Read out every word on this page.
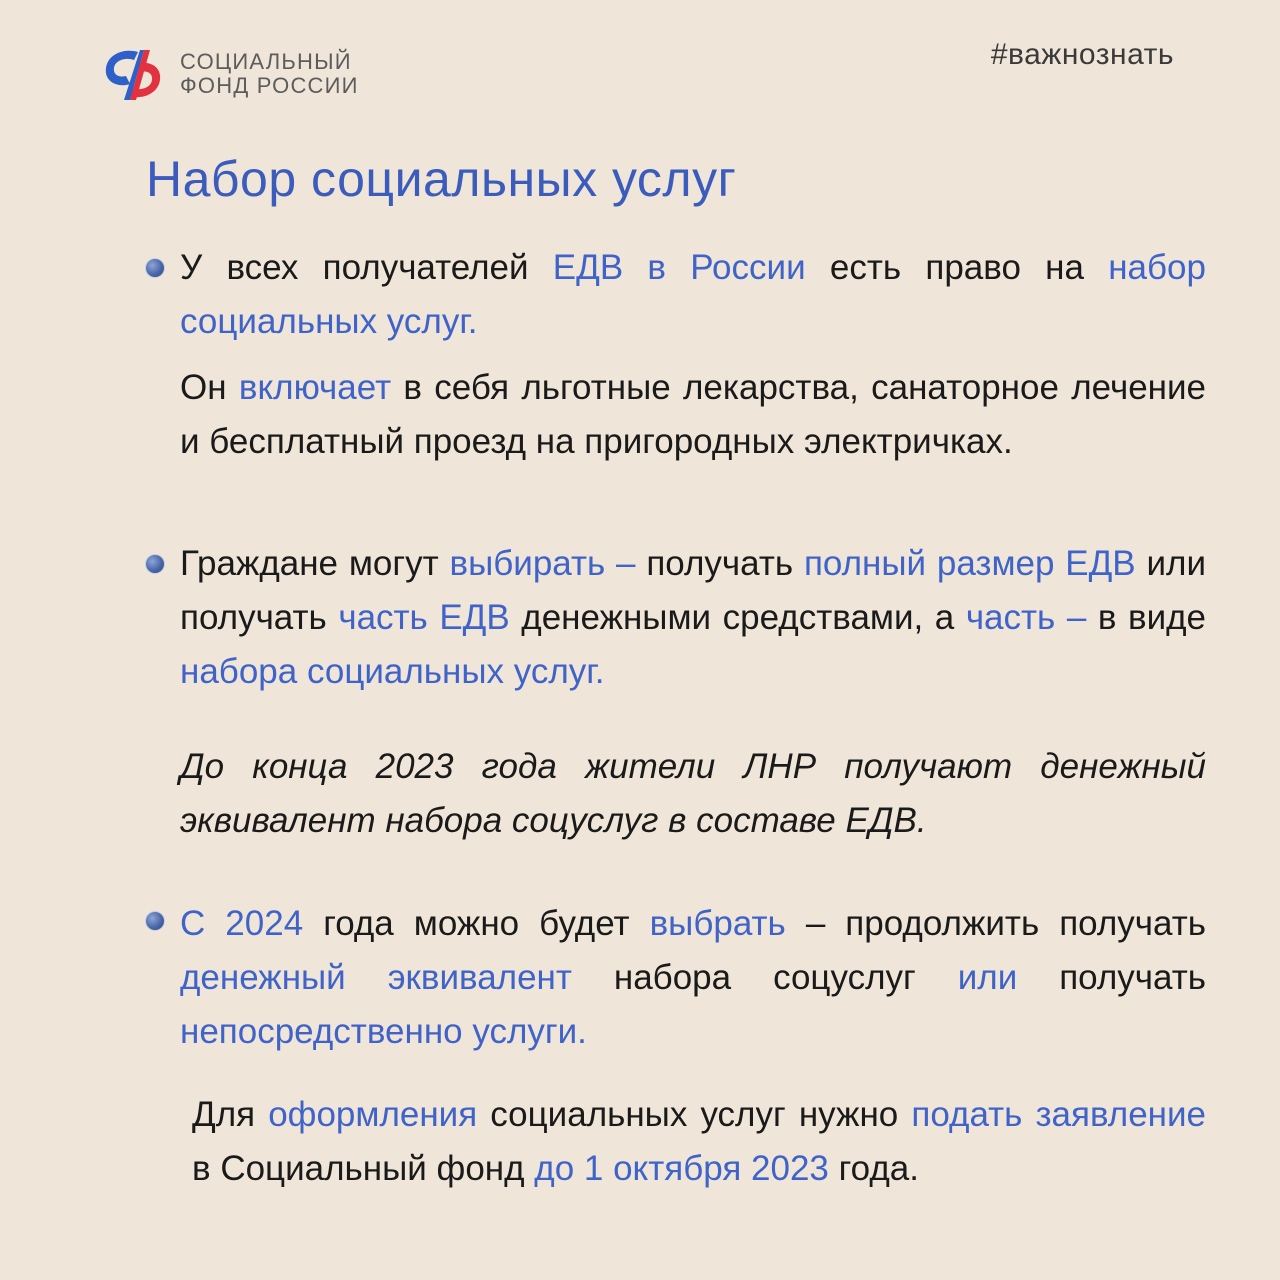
СОЦИАЛЬНЫЙ
ФОНД РОССИИ
#важнознать
Набор социальных услуг
У всех получателей ЕДВ в России есть право на набор социальных услуг.
Он включает в себя льготные лекарства, санаторное лечение и бесплатный проезд на пригородных электричках.
Граждане могут выбирать – получать полный размер ЕДВ или получать часть ЕДВ денежными средствами, а часть – в виде набора социальных услуг.
До конца 2023 года жители ЛНР получают денежный эквивалент набора соцуслуг в составе ЕДВ.
С 2024 года можно будет выбрать – продолжить получать денежный эквивалент набора соцуслуг или получать непосредственно услуги.
Для оформления социальных услуг нужно подать заявление в Социальный фонд до 1 октября 2023 года.
